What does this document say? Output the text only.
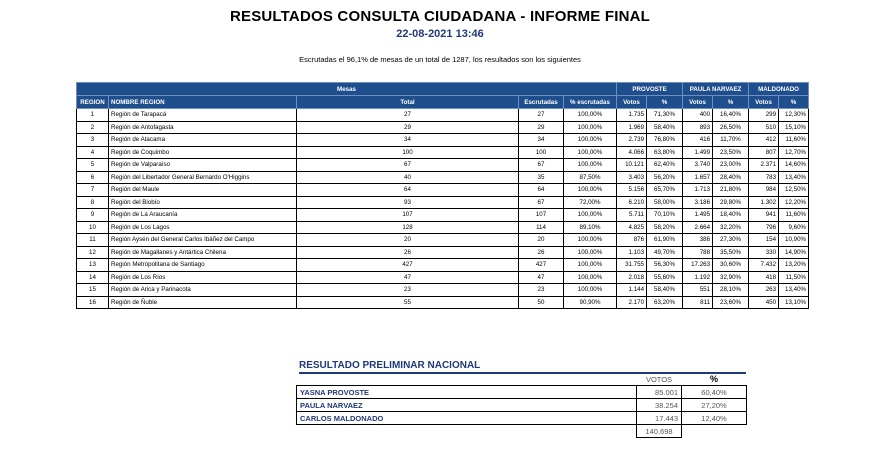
RESULTADOS CONSULTA CIUDADANA - INFORME FINAL
22-08-2021 13:46
Escrutadas el 96,1% de mesas de un total de 1287, los resultados son los siguientes
Mesas					PROVOSTE		PAULA NARVAEZ		MALDONADO	
REGION	NOMBRE REGION	Total	Escrutadas	% escrutadas	Votos	%	Votos	%	Votos	%
1	Región de Tarapacá	27	27	100,00%	1.735	71,30%	400	16,40%	299	12,30%
2	Región de Antofagasta	29	29	100,00%	1.969	58,40%	893	26,50%	510	15,10%
3	Región de Atacama	34	34	100,00%	2.739	76,80%	416	11,70%	412	11,60%
4	Región de Coquimbo	100	100	100,00%	4.066	63,80%	1.499	23,50%	807	12,70%
5	Región de Valparaíso	67	67	100,00%	10.121	62,40%	3.740	23,00%	2.371	14,60%
6	Región del Libertador General Bernardo O'Higgins	40	35	87,50%	3.403	56,20%	1.657	28,40%	783	13,40%
7	Región del Maule	64	64	100,00%	5.156	65,70%	1.713	21,80%	984	12,50%
8	Región del Biobío	93	67	72,00%	6.210	58,00%	3.186	29,80%	1.302	12,20%
9	Región de La Araucanía	107	107	100,00%	5.711	70,10%	1.495	18,40%	941	11,60%
10	Región de Los Lagos	128	114	89,10%	4.825	58,20%	2.664	32,20%	796	9,60%
11	Región Aysén del General Carlos Ibáñez del Campo	20	20	100,00%	876	61,90%	386	27,30%	154	10,90%
12	Región de Magallanes y Antártica Chilena	26	26	100,00%	1.103	49,70%	788	35,50%	330	14,90%
13	Región Metropolitana de Santiago	427	427	100,00%	31.755	56,30%	17.263	30,60%	7.432	13,20%
14	Región de Los Ríos	47	47	100,00%	2.018	55,60%	1.192	32,90%	418	11,50%
15	Región de Arica y Parinacota	23	23	100,00%	1.144	58,40%	551	28,10%	263	13,40%
16	Región de Ñuble	55	50	90,90%	2.170	63,20%	811	23,60%	450	13,10%
RESULTADO PRELIMINAR NACIONAL
	VOTOS	%
YASNA PROVOSTE	85.001	60,40%
PAULA NARVAEZ	38.254	27,20%
CARLOS MALDONADO	17.443	12,40%
	140.698	
